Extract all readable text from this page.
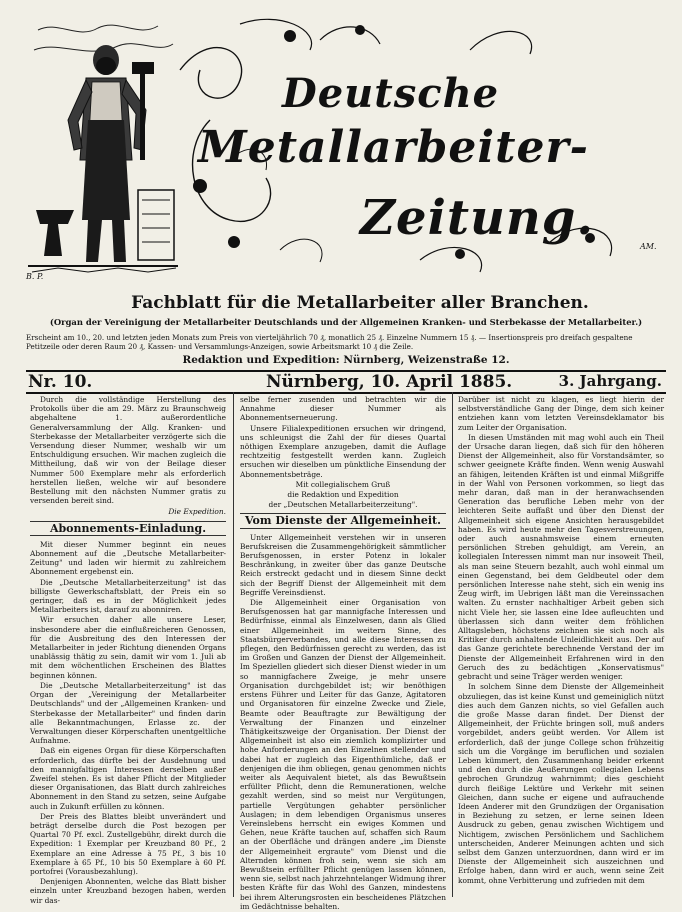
Deutsche
Metallarbeiter-
Zeitung.
B. P.
AM.
Fachblatt für die Metallarbeiter aller Branchen.
(Organ der Vereinigung der Metallarbeiter Deutschlands und der Allgemeinen Kranken- und Sterbekasse der Metallarbeiter.)
Erscheint am 10., 20. und letzten jeden Monats zum Preis von vierteljährlich 70 ₰, monatlich 25 ₰. Einzelne Nummern 15 ₰. — Insertionspreis pro dreifach gespaltene Petitzeile oder deren Raum 20 ₰, Kassen- und Versammlungs-Anzeigen, sowie Arbeitsmarkt 10 ₰ die Zeile.
Redaktion und Expedition: Nürnberg, Weizenstraße 12.
Nr. 10.	Nürnberg, 10. April 1885.	3. Jahrgang.

Durch die vollständige Herstellung des Protokolls über die am 29. März zu Braunschweig abgehaltene 1. außerordentliche Generalversammlung der Allg. Kranken- und Sterbekasse der Metallarbeiter verzögerte sich die Versendung dieser Nummer, weshalb wir um Entschuldigung ersuchen. Wir machen zugleich die Mittheilung, daß wir von der Beilage dieser Nummer 500 Exemplare mehr als erforderlich herstellen ließen, welche wir auf besondere Bestellung mit den nächsten Nummer gratis zu versenden bereit sind.

Die Expedition.
Abonnements-Einladung.

Mit dieser Nummer beginnt ein neues Abonnement auf die „Deutsche Metallarbeiter-Zeitung" und laden wir hiermit zu zahlreichem Abonnement ergebenst ein.

Die „Deutsche Metallarbeiterzeitung" ist das billigste Gewerkschaftsblatt, der Preis ein so geringer, daß es in der Möglichkeit jedes Metallarbeiters ist, darauf zu abonniren.

Wir ersuchen daher alle unsere Leser, insbesondere aber die einflußreicheren Genossen, für die Ausbreitung des den Interessen der Metallarbeiter in jeder Richtung dienenden Organs unablässig thätig zu sein, damit wir vom 1. Juli ab mit dem wöchentlichen Erscheinen des Blattes beginnen können.

Die „Deutsche Metallarbeiterzeitung" ist das Organ der „Vereinigung der Metallarbeiter Deutschlands" und der „Allgemeinen Kranken- und Sterbekasse der Metallarbeiter" und finden darin alle Bekanntmachungen, Erlasse zc. der Verwaltungen dieser Körperschaften unentgeltliche Aufnahme.

Daß ein eigenes Organ für diese Körperschaften erforderlich, das dürfte bei der Ausdehnung und den mannigfaltigen Interessen derselben außer Zweifel stehen. Es ist daher Pflicht der Mitglieder dieser Organisationen, das Blatt durch zahlreiches Abonnement in den Stand zu setzen, seine Aufgabe auch in Zukunft erfüllen zu können.

Der Preis des Blattes bleibt unverändert und beträgt derselbe durch die Post bezogen per Quartal 70 Pf. excl. Zustellgebühr, direkt durch die Expedition: 1 Exemplar per Kreuzband 80 Pf., 2 Exemplare an eine Adresse à 75 Pf., 3 bis 10 Exemplare à 65 Pf., 10 bis 50 Exemplare à 60 Pf. portofrei (Vorausbezahlung).

Denjenigen Abonnenten, welche das Blatt bisher einzeln unter Kreuzband bezogen haben, werden wir das-

selbe ferner zusenden und betrachten wir die Annahme dieser Nummer als Abonnementserneuerung.

Unsere Filialexpeditionen ersuchen wir dringend, uns schleunigst die Zahl der für dieses Quartal nöthigen Exemplare anzugeben, damit die Auflage rechtzeitig festgestellt werden kann. Zugleich ersuchen wir dieselben um pünktliche Einsendung der Abonnementsbeträge.

Mit collegialischem Gruß

die Redaktion und Expedition

der „Deutschen Metallarbeiterzeitung".

Vom Dienste der Allgemeinheit.

Unter Allgemeinheit verstehen wir in unseren Berufskreisen die Zusammengehörigkeit sämmtlicher Berufsgenossen, in erster Potenz in lokaler Beschränkung, in zweiter über das ganze Deutsche Reich erstreckt gedacht und in diesem Sinne deckt sich der Begriff Dienst der Allgemeinheit mit dem Begriffe Vereinsdienst.

Die Allgemeinheit einer Organisation von Berufsgenossen hat gar mannigfache Interessen und Bedürfnisse, einmal als Einzelwesen, dann als Glied einer Allgemeinheit im weitern Sinne, des Staatsbürgerverbandes, und alle diese Interessen zu pflegen, den Bedürfnissen gerecht zu werden, das ist im Großen und Ganzen der Dienst der Allgemeinheit. Im Speziellen gliedert sich dieser Dienst wieder in um so mannigfachere Zweige, je mehr unsere Organisation durchgebildet ist; wir benöthigen erstens Führer und Leiter für das Ganze, Agitatoren und Organisatoren für einzelne Zwecke und Ziele, Beamte oder Beauftragte zur Bewältigung der Verwaltung der Finanzen und einzelner Thätigkeitszweige der Organisation. Der Dienst der Allgemeinheit ist also ein ziemlich komplizirter und hohe Anforderungen an den Einzelnen stellender und dabei hat er zugleich das Eigenthümliche, daß er denjenigen die ihm obliegen, genau genommen nichts weiter als Aequivalent bietet, als das Bewußtsein erfüllter Pflicht, denn die Remunerationen, welche gezahlt werden, sind so meist nur Vergütungen, partielle Vergütungen gehabter persönlicher Auslagen; in dem lebendigen Organismus unseres Vereinslebens herrscht ein ewiges Kommen und Gehen, neue Kräfte tauchen auf, schaffen sich Raum an der Oberfläche und drängen andere „im Dienste der Allgemeinheit ergraute" vom Dienst und die Alternden können froh sein, wenn sie sich am Bewußtsein erfüllter Pflicht genügen lassen können, wenn sie, selbst nach jahrzehntelanger Widmung ihrer besten Kräfte für das Wohl des Ganzen, mindestens bei ihrem Alterungsrosten ein bescheidenes Plätzchen im Gedächtnisse behalten.

Darüber ist nicht zu klagen, es liegt hierin der selbstverständliche Gang der Dinge, dem sich keiner entziehen kann vom letzten Vereinsdeklamator bis zum Leiter der Organisation.

In diesen Umständen mit mag wohl auch ein Theil der Ursache daran liegen, daß sich für den höheren Dienst der Allgemeinheit, also für Vorstandsämter, so schwer geeignete Kräfte finden. Wenn wenig Auswahl an fähigen, leitenden Kräften ist und einmal Mißgriffe in der Wahl von Personen vorkommen, so liegt das mehr daran, daß man in der heranwachsenden Generation das berufliche Leben mehr von der leichteren Seite auffaßt und über den Dienst der Allgemeinheit sich eigene Ansichten herausgebildet haben. Es wird heute mehr den Tagesverstreuungen, oder auch ausnahmsweise einem erneuten persönlichen Streben gehuldigt, am Verein, an kollegialen Interessen nimmt man nur insoweit Theil, als man seine Steuern bezahlt, auch wohl einmal um einen Gegenstand, bei dem Geldbeutel oder dem persönlichen Interesse nahe steht, sich ein wenig ins Zeug wirft, im Uebrigen läßt man die Vereinssachen walten. Zu ernster nachhaltiger Arbeit geben sich nicht Viele her, sie lassen eine Idee aufleuchten und überlassen sich dann weiter dem fröhlichen Alltagsleben, höchstens zeichnen sie sich noch als Kritiker durch anhaltende Unleidlichkeit aus. Der auf das Ganze gerichtete berechnende Verstand der im Dienste der Allgemeinheit Erfahrenen wird in den Geruch des zu bedächtigen „Konservatismus" gebracht und seine Träger werden weniger.

In solchem Sinne dem Dienste der Allgemeinheit obzuliegen, das ist keine Kunst und gemeiniglich nützt dies auch dem Ganzen nichts, so viel Gefallen auch die große Masse daran findet. Der Dienst der Allgemeinheit, der Früchte bringen soll, muß anders vorgebildet, anders geübt werden. Vor Allem ist erforderlich, daß der junge College schon frühzeitig sich um die Vorgänge im beruflichen und sozialen Leben kümmert, den Zusammenhang beider erkennt und den durch die Aeußerungen collegialen Lebens gebrochen Grundzug wahrnimmt; dies geschieht durch fleißige Lektüre und Verkehr mit seinen Gleichen, dann suche er eigene und aufrauchende Ideen Anderer mit den Grundzügen der Organisation in Beziehung zu setzen, er lerne seinen Ideen Ausdruck zu geben, genau zwischen Wichtigem und Nichtigem, zwischen Persönlichem und Sachlichem unterscheiden, Anderer Meinungen achten und sich selbst dem Ganzen unterzuordnen, dann wird er im Dienste der Allgemeinheit sich auszeichnen und Erfolge haben, dann wird er auch, wenn seine Zeit kommt, ohne Verbitterung und zufrieden mit dem
